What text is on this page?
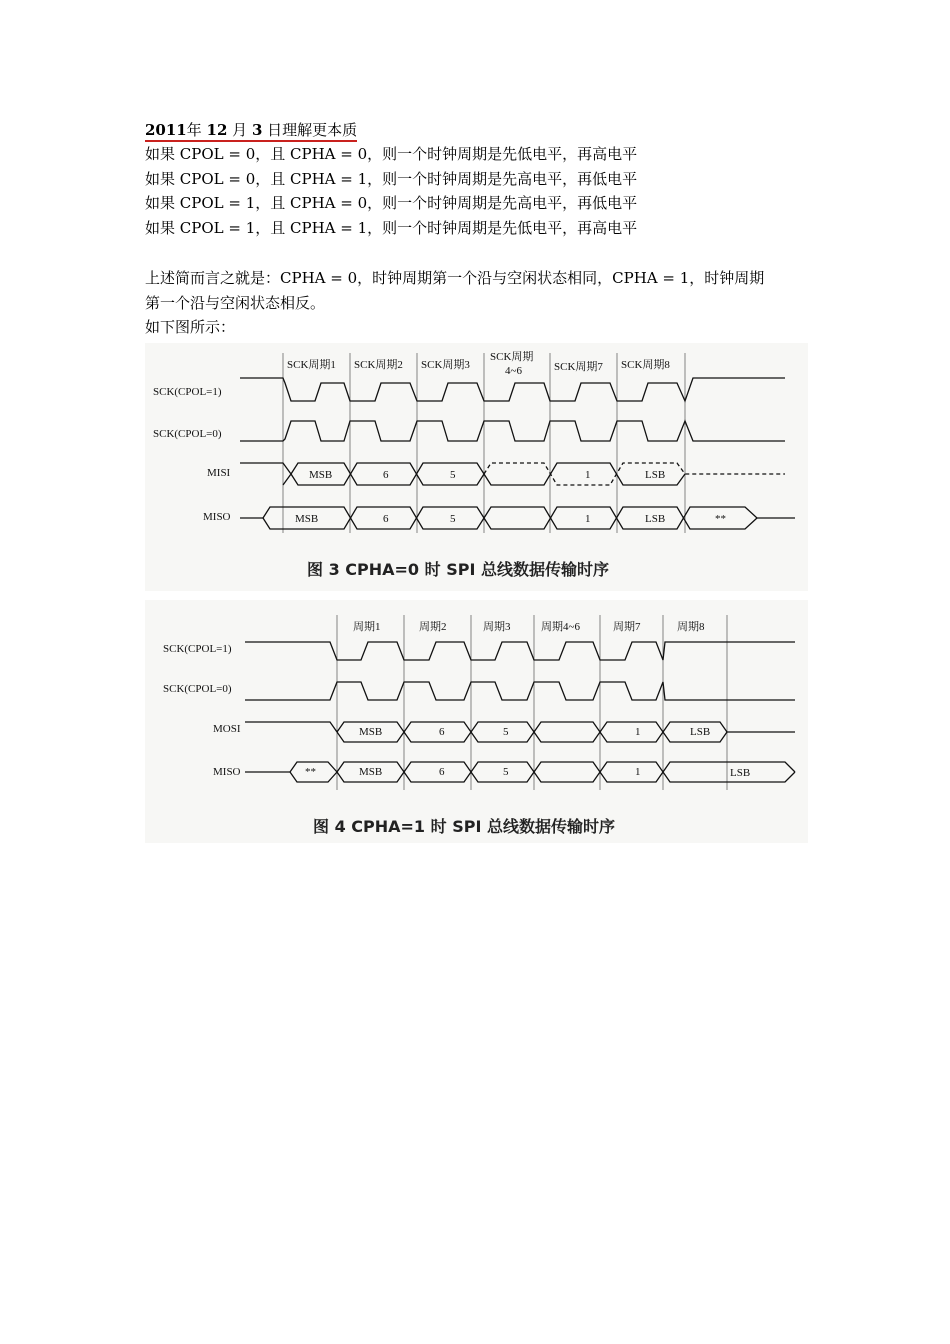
2011年 12 月 3 日理解更本质
如果 CPOL = 0，且 CPHA = 0，则一个时钟周期是先低电平，再高电平
如果 CPOL = 0，且 CPHA = 1，则一个时钟周期是先高电平，再低电平
如果 CPOL = 1，且 CPHA = 0，则一个时钟周期是先高电平，再低电平
如果 CPOL = 1，且 CPHA = 1，则一个时钟周期是先低电平，再高电平
上述简而言之就是：CPHA = 0，时钟周期第一个沿与空闲状态相同，CPHA = 1，时钟周期
第一个沿与空闲状态相反。
如下图所示：
SCK周期1 SCK周期2 SCK周期3
SCK周期
4~6	SCK周期7 SCK周期8
SCK(CPOL=1)
SCK(CPOL=0)
MISI
MISO
MSB	6	5	1	LSB
MSB	6	5	1	LSB	**
图 3 CPHA=0 时 SPI 总线数据传输时序
周期1	周期2	周期3	周期4~6	周期7	周期8
SCK(CPOL=1)
SCK(CPOL=0)
MOSI
MISO
MSB	6	5	1	LSB
**	MSB	6	5	1	LSB
图 4 CPHA=1 时 SPI 总线数据传输时序
